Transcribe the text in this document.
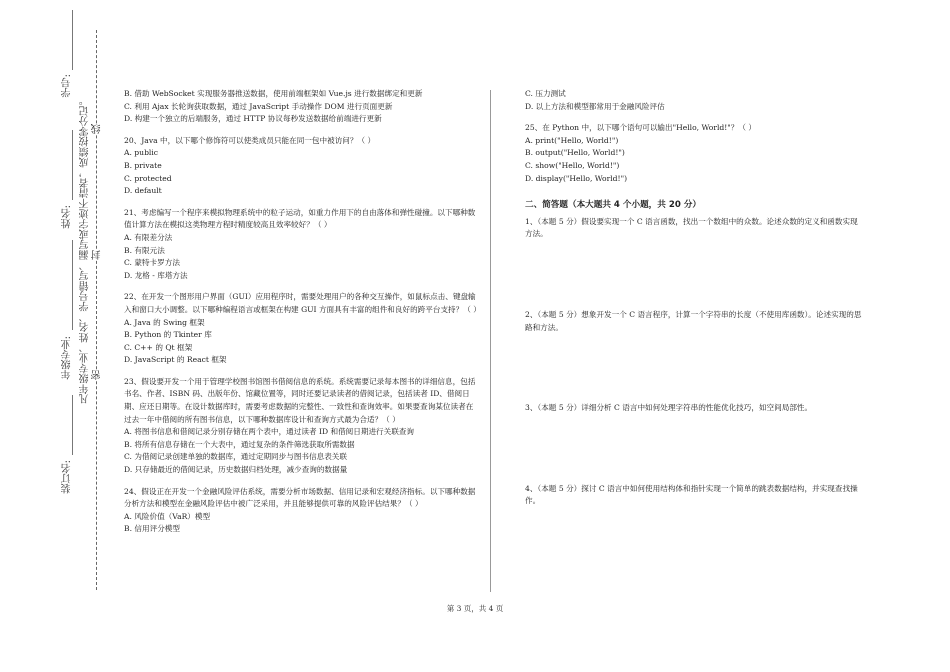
学号:
姓名:
年级专业:
装订名:
凡年级专业、姓名、学号错写、漏写或字迹不清者，成绩按零分记。 线
封
密

B. 借助 WebSocket 实现服务器推送数据，使用前端框架如 Vue.js 进行数据绑定和更新

C. 利用 Ajax 长轮询获取数据，通过 JavaScript 手动操作 DOM 进行页面更新

D. 构建一个独立的后端服务，通过 HTTP 协议每秒发送数据给前端进行更新

20、Java 中，以下哪个修饰符可以使类成员只能在同一包中被访问？（ ）

A. public

B. private

C. protected

D. default

21、考虑编写一个程序来模拟物理系统中的粒子运动，如重力作用下的自由落体和弹性碰撞。以下哪种数值计算方法在模拟这类物理方程时精度较高且效率较好？（ ）

A. 有限差分法

B. 有限元法

C. 蒙特卡罗方法

D. 龙格 - 库塔方法

22、在开发一个图形用户界面（GUI）应用程序时，需要处理用户的各种交互操作，如鼠标点击、键盘输入和窗口大小调整。以下哪种编程语言或框架在构建 GUI 方面具有丰富的组件和良好的跨平台支持？（ ）

A. Java 的 Swing 框架

B. Python 的 Tkinter 库

C. C++ 的 Qt 框架

D. JavaScript 的 React 框架

23、假设要开发一个用于管理学校图书馆图书借阅信息的系统。系统需要记录每本图书的详细信息，包括书名、作者、ISBN 码、出版年份、馆藏位置等，同时还要记录读者的借阅记录，包括读者 ID、借阅日期、应还日期等。在设计数据库时，需要考虑数据的完整性、一致性和查询效率。如果要查询某位读者在过去一年中借阅的所有图书信息，以下哪种数据库设计和查询方式最为合适？（ ）

A. 将图书信息和借阅记录分别存储在两个表中，通过读者 ID 和借阅日期进行关联查询

B. 将所有信息存储在一个大表中，通过复杂的条件筛选获取所需数据

C. 为借阅记录创建单独的数据库，通过定期同步与图书信息表关联

D. 只存储最近的借阅记录，历史数据归档处理，减少查询的数据量

24、假设正在开发一个金融风险评估系统，需要分析市场数据、信用记录和宏观经济指标。以下哪种数据分析方法和模型在金融风险评估中被广泛采用，并且能够提供可靠的风险评估结果？（ ）

A. 风险价值（VaR）模型

B. 信用评分模型

C. 压力测试

D. 以上方法和模型都常用于金融风险评估

25、在 Python 中，以下哪个语句可以输出"Hello, World!"？（ ）

A. print("Hello, World!")

B. output("Hello, World!")

C. show("Hello, World!")

D. display("Hello, World!")

二、简答题（本大题共 4 个小题，共 20 分）

1、（本题 5 分）假设要实现一个 C 语言函数，找出一个数组中的众数。论述众数的定义和函数实现方法。

2、（本题 5 分）想象开发一个 C 语言程序，计算一个字符串的长度（不使用库函数）。论述实现的思路和方法。

3、（本题 5 分）详细分析 C 语言中如何处理字符串的性能优化技巧，如空间局部性。

4、（本题 5 分）探讨 C 语言中如何使用结构体和指针实现一个简单的跳表数据结构，并实现查找操作。

第 3 页，共 4 页
